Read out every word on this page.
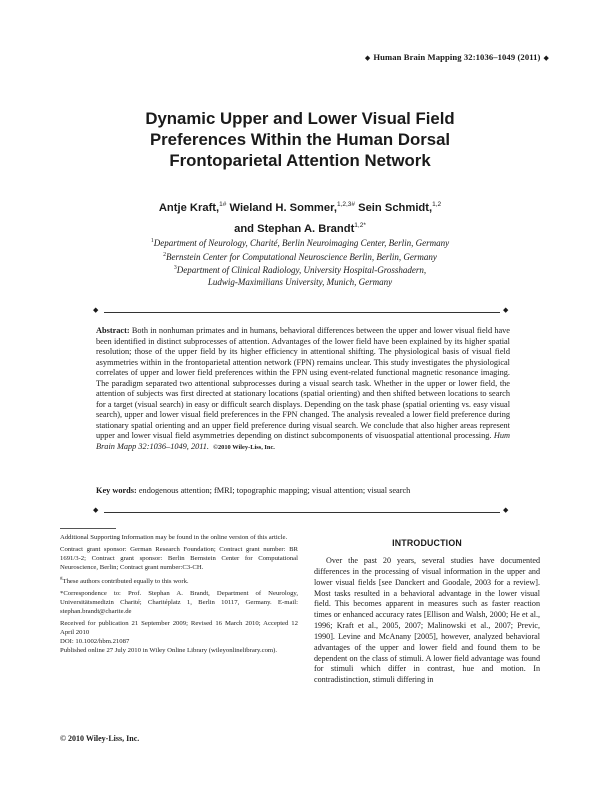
◆ Human Brain Mapping 32:1036–1049 (2011) ◆
Dynamic Upper and Lower Visual Field
Preferences Within the Human Dorsal
Frontoparietal Attention Network
Antje Kraft,$^{1\#}$ Wieland H. Sommer,$^{1,2,3\#}$ Sein Schmidt,$^{1,2}$
and Stephan A. Brandt$^{1,2*}$
$^1$Department of Neurology, Charité, Berlin Neuroimaging Center, Berlin, Germany
$^2$Bernstein Center for Computational Neuroscience Berlin, Berlin, Germany
$^3$Department of Clinical Radiology, University Hospital-Grosshadern,
Ludwig-Maximilians University, Munich, Germany
◆	◆

Abstract: Both in nonhuman primates and in humans, behavioral differences between the upper and lower visual field have been identified in distinct subprocesses of attention. Advantages of the lower field have been explained by its higher spatial resolution; those of the upper field by its higher efficiency in attentional shifting. The physiological basis of visual field asymmetries within in the frontoparietal attention network (FPN) remains unclear. This study investigates the physiological correlates of upper and lower field preferences within the FPN using event-related functional magnetic resonance imaging. The paradigm separated two attentional subprocesses during a visual search task. Whether in the upper or lower field, the attention of subjects was first directed at stationary locations (spatial orienting) and then shifted between locations to search for a target (visual search) in easy or difficult search displays. Depending on the task phase (spatial orienting vs. easy visual search), upper and lower visual field preferences in the FPN changed. The analysis revealed a lower field preference during stationary spatial orienting and an upper field preference during visual search. We conclude that also higher areas represent upper and lower visual field asymmetries depending on distinct subcomponents of visuospatial attentional processing. Hum Brain Mapp 32:1036–1049, 2011. ©2010 Wiley-Liss, Inc.

Key words: endogenous attention; fMRI; topographic mapping; visual attention; visual search
◆	◆

Additional Supporting Information may be found in the online version of this article.

Contract grant sponsor: German Research Foundation; Contract grant number: BR 1691/3-2; Contract grant sponsor: Berlin Bernstein Center for Computational Neuroscience, Berlin; Contract grant number:C3-CH.

#These authors contributed equally to this work.

*Correspondence to: Prof. Stephan A. Brandt, Department of Neurology, Universitätsmedizin Charité; Charitéplatz 1, Berlin 10117, Germany. E-mail: stephan.brandt@charite.de

Received for publication 21 September 2009; Revised 16 March 2010; Accepted 12 April 2010

DOI: 10.1002/hbm.21087

Published online 27 July 2010 in Wiley Online Library (wileyonlinelibrary.com).

© 2010 Wiley-Liss, Inc.
INTRODUCTION

Over the past 20 years, several studies have documented differences in the processing of visual information in the upper and lower visual fields [see Danckert and Goodale, 2003 for a review]. Most tasks resulted in a behavioral advantage in the lower visual field. This becomes apparent in measures such as faster reaction times or enhanced accuracy rates [Ellison and Walsh, 2000; He et al., 1996; Kraft et al., 2005, 2007; Malinowski et al., 2007; Previc, 1990]. Levine and McAnany [2005], however, analyzed behavioral advantages of the upper and lower field and found them to be dependent on the class of stimuli. A lower field advantage was found for stimuli which differ in contrast, hue and motion. In contradistinction, stimuli differing in
